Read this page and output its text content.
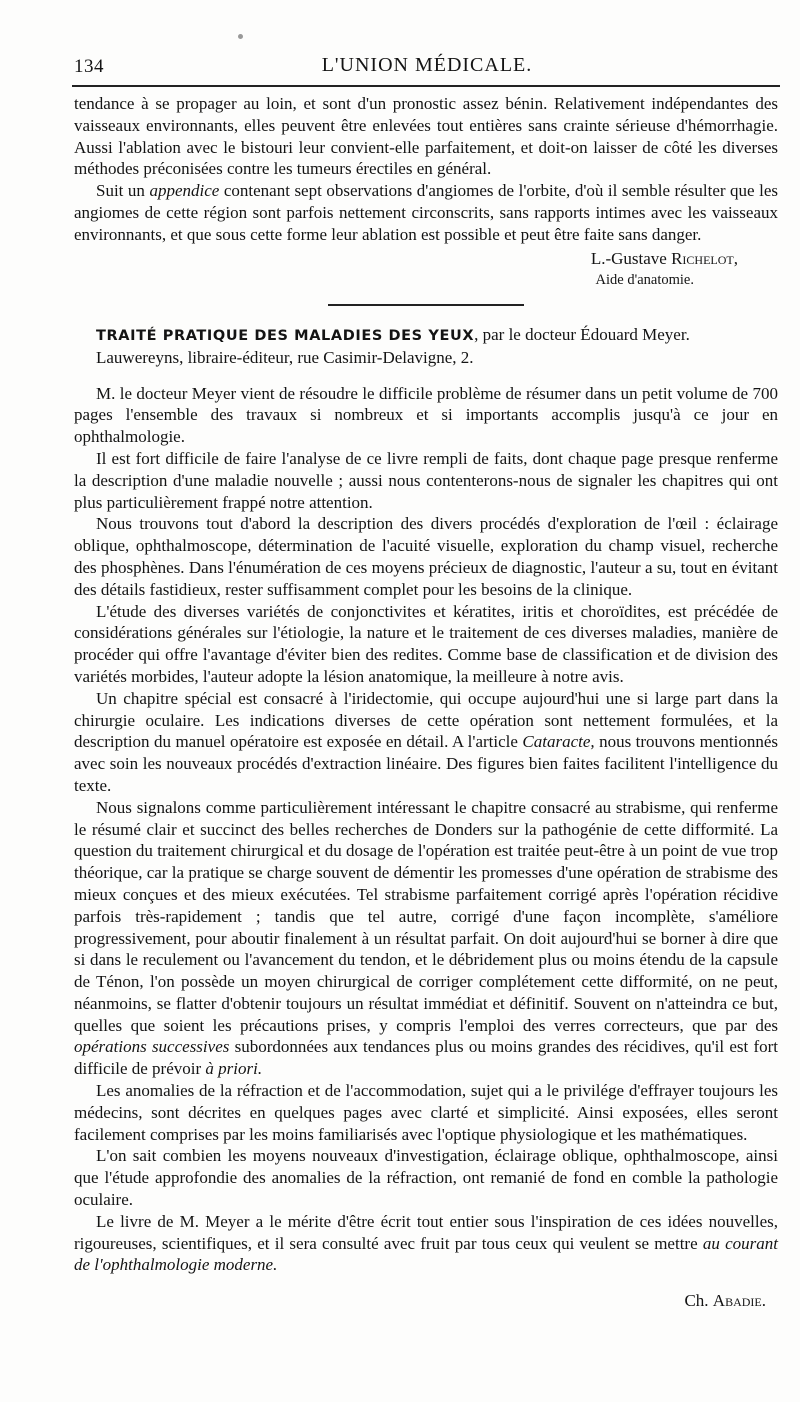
134	L'UNION MÉDICALE.

tendance à se propager au loin, et sont d'un pronostic assez bénin. Relativement indépendantes des vaisseaux environnants, elles peuvent être enlevées tout entières sans crainte sérieuse d'hémorrhagie. Aussi l'ablation avec le bistouri leur convient-elle parfaitement, et doit-on laisser de côté les diverses méthodes préconisées contre les tumeurs érectiles en général.

Suit un appendice contenant sept observations d'angiomes de l'orbite, d'où il semble résulter que les angiomes de cette région sont parfois nettement circonscrits, sans rapports intimes avec les vaisseaux environnants, et que sous cette forme leur ablation est possible et peut être faite sans danger.

L.-Gustave Richelot,
Aide d'anatomie.

TRAITÉ PRATIQUE DES MALADIES DES YEUX, par le docteur Édouard Meyer.

Lauwereyns, libraire-éditeur, rue Casimir-Delavigne, 2.

M. le docteur Meyer vient de résoudre le difficile problème de résumer dans un petit volume de 700 pages l'ensemble des travaux si nombreux et si importants accomplis jusqu'à ce jour en ophthalmologie.

Il est fort difficile de faire l'analyse de ce livre rempli de faits, dont chaque page presque renferme la description d'une maladie nouvelle ; aussi nous contenterons-nous de signaler les chapitres qui ont plus particulièrement frappé notre attention.

Nous trouvons tout d'abord la description des divers procédés d'exploration de l'œil : éclairage oblique, ophthalmoscope, détermination de l'acuité visuelle, exploration du champ visuel, recherche des phosphènes. Dans l'énumération de ces moyens précieux de diagnostic, l'auteur a su, tout en évitant des détails fastidieux, rester suffisamment complet pour les besoins de la clinique.

L'étude des diverses variétés de conjonctivites et kératites, iritis et choroïdites, est précédée de considérations générales sur l'étiologie, la nature et le traitement de ces diverses maladies, manière de procéder qui offre l'avantage d'éviter bien des redites. Comme base de classification et de division des variétés morbides, l'auteur adopte la lésion anatomique, la meilleure à notre avis.

Un chapitre spécial est consacré à l'iridectomie, qui occupe aujourd'hui une si large part dans la chirurgie oculaire. Les indications diverses de cette opération sont nettement formulées, et la description du manuel opératoire est exposée en détail. A l'article Cataracte, nous trouvons mentionnés avec soin les nouveaux procédés d'extraction linéaire. Des figures bien faites facilitent l'intelligence du texte.

Nous signalons comme particulièrement intéressant le chapitre consacré au strabisme, qui renferme le résumé clair et succinct des belles recherches de Donders sur la pathogénie de cette difformité. La question du traitement chirurgical et du dosage de l'opération est traitée peut-être à un point de vue trop théorique, car la pratique se charge souvent de démentir les promesses d'une opération de strabisme des mieux conçues et des mieux exécutées. Tel strabisme parfaitement corrigé après l'opération récidive parfois très-rapidement ; tandis que tel autre, corrigé d'une façon incomplète, s'améliore progressivement, pour aboutir finalement à un résultat parfait. On doit aujourd'hui se borner à dire que si dans le reculement ou l'avancement du tendon, et le débridement plus ou moins étendu de la capsule de Ténon, l'on possède un moyen chirurgical de corriger complétement cette difformité, on ne peut, néanmoins, se flatter d'obtenir toujours un résultat immédiat et définitif. Souvent on n'atteindra ce but, quelles que soient les précautions prises, y compris l'emploi des verres correcteurs, que par des opérations successives subordonnées aux tendances plus ou moins grandes des récidives, qu'il est fort difficile de prévoir à priori.

Les anomalies de la réfraction et de l'accommodation, sujet qui a le privilége d'effrayer toujours les médecins, sont décrites en quelques pages avec clarté et simplicité. Ainsi exposées, elles seront facilement comprises par les moins familiarisés avec l'optique physiologique et les mathématiques.

L'on sait combien les moyens nouveaux d'investigation, éclairage oblique, ophthalmoscope, ainsi que l'étude approfondie des anomalies de la réfraction, ont remanié de fond en comble la pathologie oculaire.

Le livre de M. Meyer a le mérite d'être écrit tout entier sous l'inspiration de ces idées nouvelles, rigoureuses, scientifiques, et il sera consulté avec fruit par tous ceux qui veulent se mettre au courant de l'ophthalmologie moderne.

Ch. Abadie.
